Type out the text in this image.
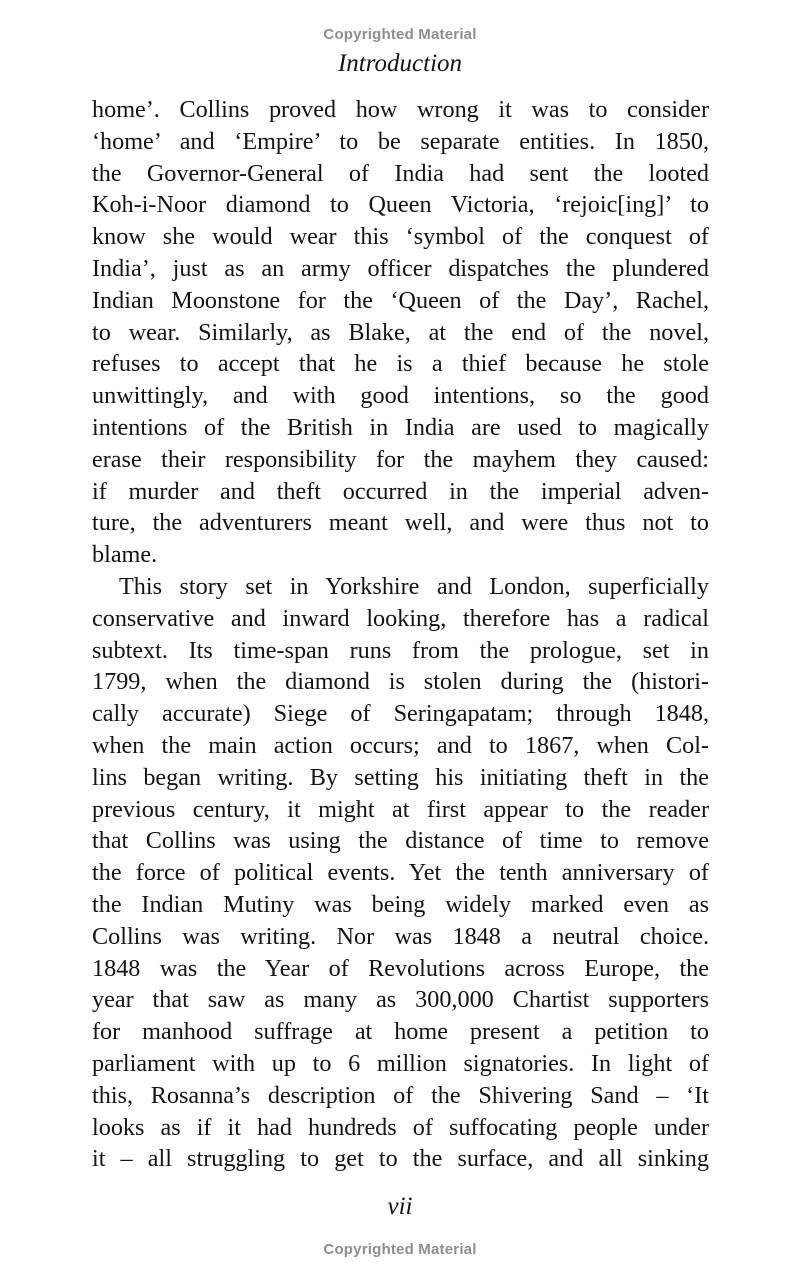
Copyrighted Material
Introduction
home’. Collins proved how wrong it was to consider
‘home’ and ‘Empire’ to be separate entities. In 1850,
the Governor-General of India had sent the looted
Koh-i-Noor diamond to Queen Victoria, ‘rejoic[ing]’ to
know she would wear this ‘symbol of the conquest of
India’, just as an army officer dispatches the plundered
Indian Moonstone for the ‘Queen of the Day’, Rachel,
to wear. Similarly, as Blake, at the end of the novel,
refuses to accept that he is a thief because he stole
unwittingly, and with good intentions, so the good
intentions of the British in India are used to magically
erase their responsibility for the mayhem they caused:
if murder and theft occurred in the imperial adven-
ture, the adventurers meant well, and were thus not to
blame.
This story set in Yorkshire and London, superficially
conservative and inward looking, therefore has a radical
subtext. Its time-span runs from the prologue, set in
1799, when the diamond is stolen during the (histori-
cally accurate) Siege of Seringapatam; through 1848,
when the main action occurs; and to 1867, when Col-
lins began writing. By setting his initiating theft in the
previous century, it might at first appear to the reader
that Collins was using the distance of time to remove
the force of political events. Yet the tenth anniversary of
the Indian Mutiny was being widely marked even as
Collins was writing. Nor was 1848 a neutral choice.
1848 was the Year of Revolutions across Europe, the
year that saw as many as 300,000 Chartist supporters
for manhood suffrage at home present a petition to
parliament with up to 6 million signatories. In light of
this, Rosanna’s description of the Shivering Sand – ‘It
looks as if it had hundreds of suffocating people under
it – all struggling to get to the surface, and all sinking
vii
Copyrighted Material
